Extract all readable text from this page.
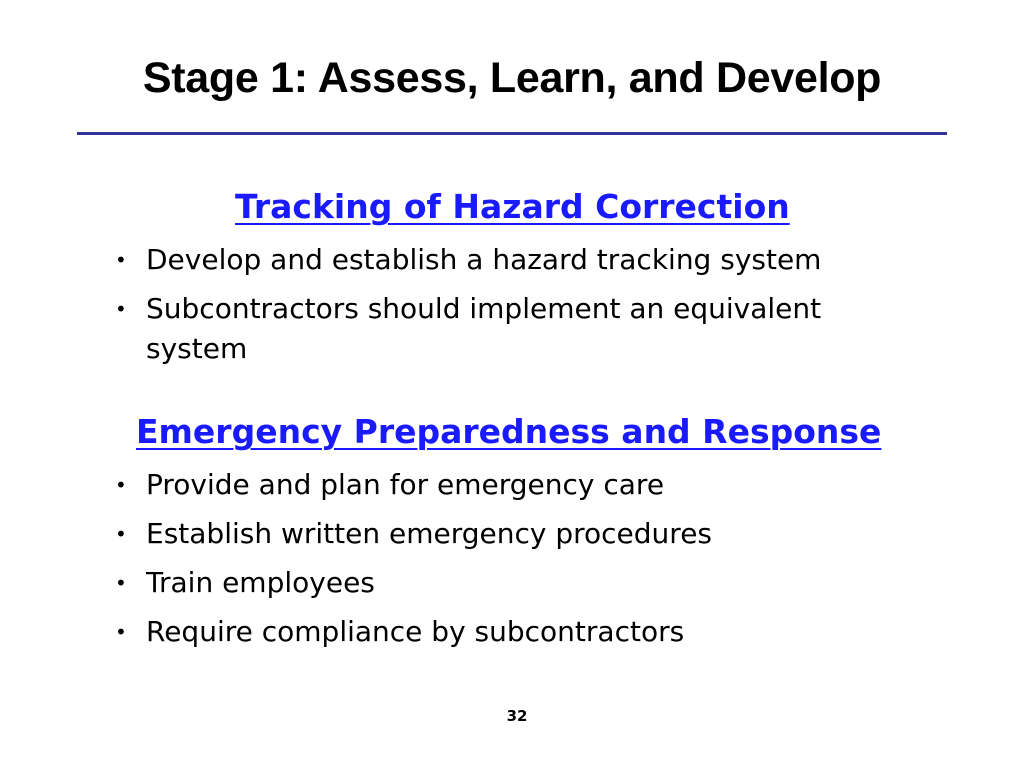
Stage 1: Assess, Learn, and Develop
Tracking of Hazard Correction
• Develop and establish a hazard tracking system
• Subcontractors should implement an equivalent system
Emergency Preparedness and Response
• Provide and plan for emergency care
• Establish written emergency procedures
• Train employees
• Require compliance by subcontractors
32
